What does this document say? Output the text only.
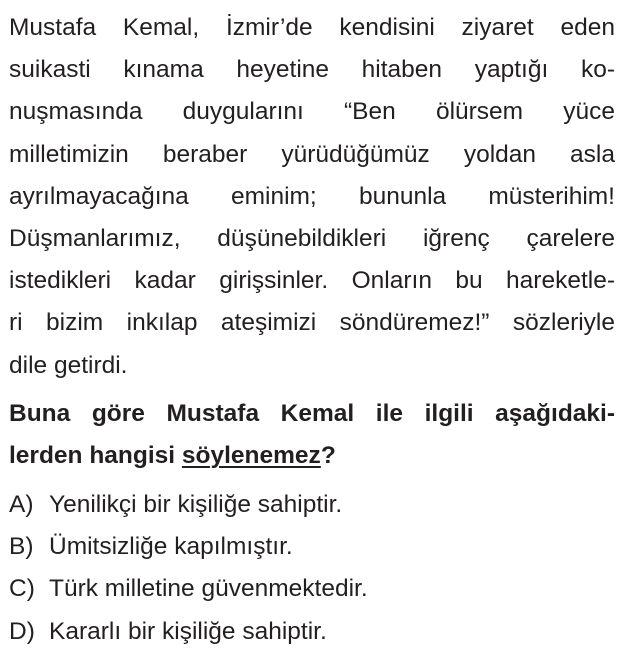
Mustafa Kemal, İzmir’de kendisini ziyaret eden
suikasti kınama heyetine hitaben yaptığı ko-
nuşmasında duygularını “Ben ölürsem yüce
milletimizin beraber yürüdüğümüz yoldan asla
ayrılmayacağına eminim; bununla müsterihim!
Düşmanlarımız, düşünebildikleri iğrenç çarelere
istedikleri kadar girişsinler. Onların bu hareketle-
ri bizim inkılap ateşimizi söndüremez!” sözleriyle
dile getirdi.
Buna göre Mustafa Kemal ile ilgili aşağıdaki-
lerden hangisi söylenemez?
A) Yenilikçi bir kişiliğe sahiptir.
B) Ümitsizliğe kapılmıştır.
C) Türk milletine güvenmektedir.
D) Kararlı bir kişiliğe sahiptir.
